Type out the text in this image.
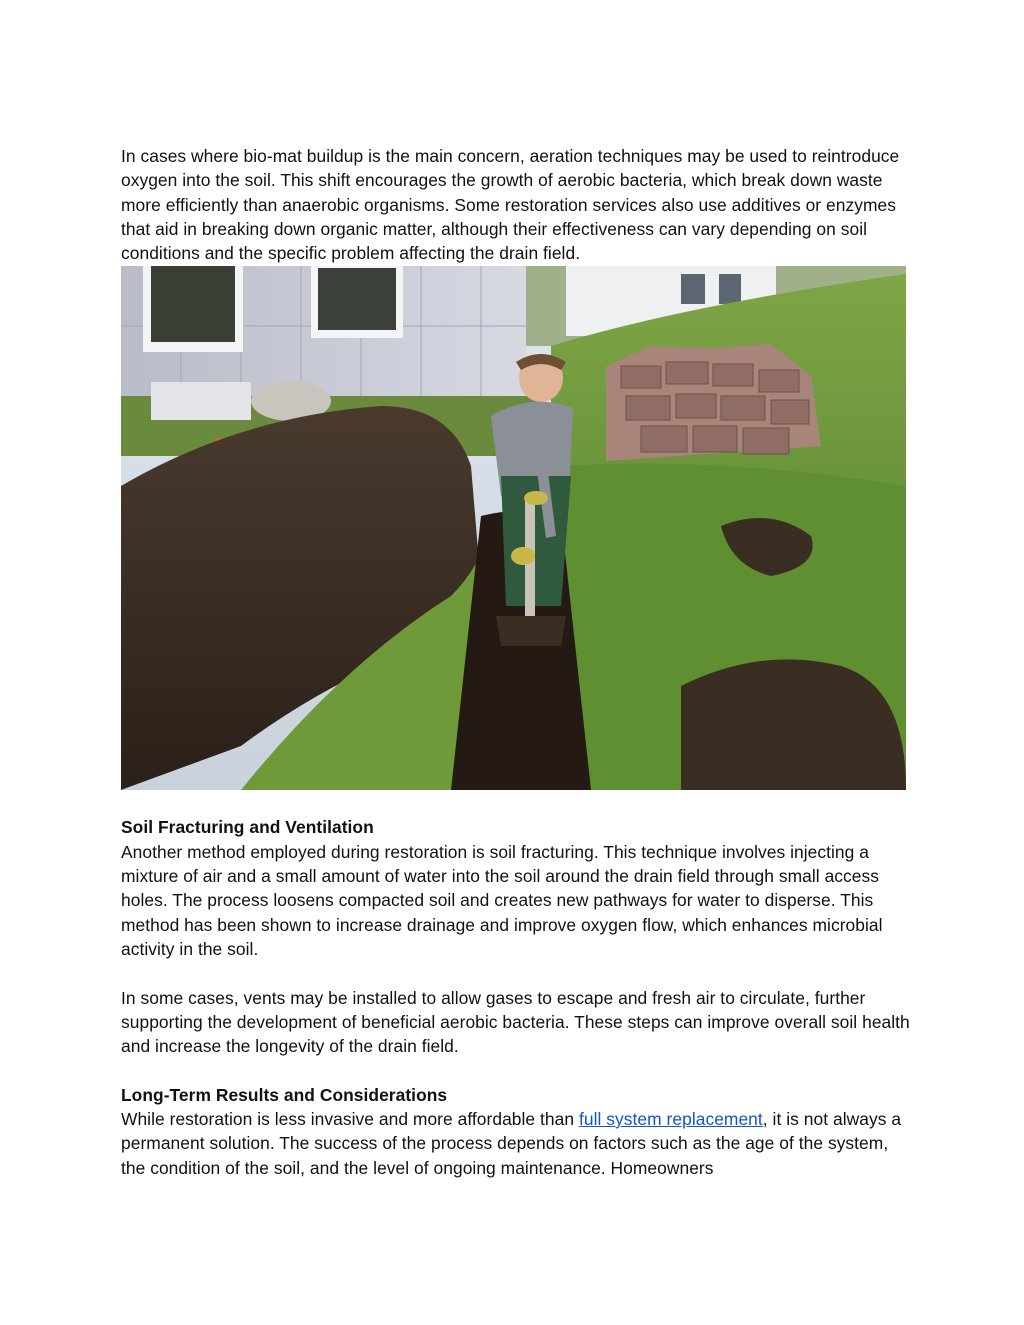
In cases where bio-mat buildup is the main concern, aeration techniques may be used to reintroduce oxygen into the soil. This shift encourages the growth of aerobic bacteria, which break down waste more efficiently than anaerobic organisms. Some restoration services also use additives or enzymes that aid in breaking down organic matter, although their effectiveness can vary depending on soil conditions and the specific problem affecting the drain field.

Soil Fracturing and Ventilation

Another method employed during restoration is soil fracturing. This technique involves injecting a mixture of air and a small amount of water into the soil around the drain field through small access holes. The process loosens compacted soil and creates new pathways for water to disperse. This method has been shown to increase drainage and improve oxygen flow, which enhances microbial activity in the soil.

In some cases, vents may be installed to allow gases to escape and fresh air to circulate, further supporting the development of beneficial aerobic bacteria. These steps can improve overall soil health and increase the longevity of the drain field.

Long-Term Results and Considerations

While restoration is less invasive and more affordable than full system replacement, it is not always a permanent solution. The success of the process depends on factors such as the age of the system, the condition of the soil, and the level of ongoing maintenance. Homeowners
